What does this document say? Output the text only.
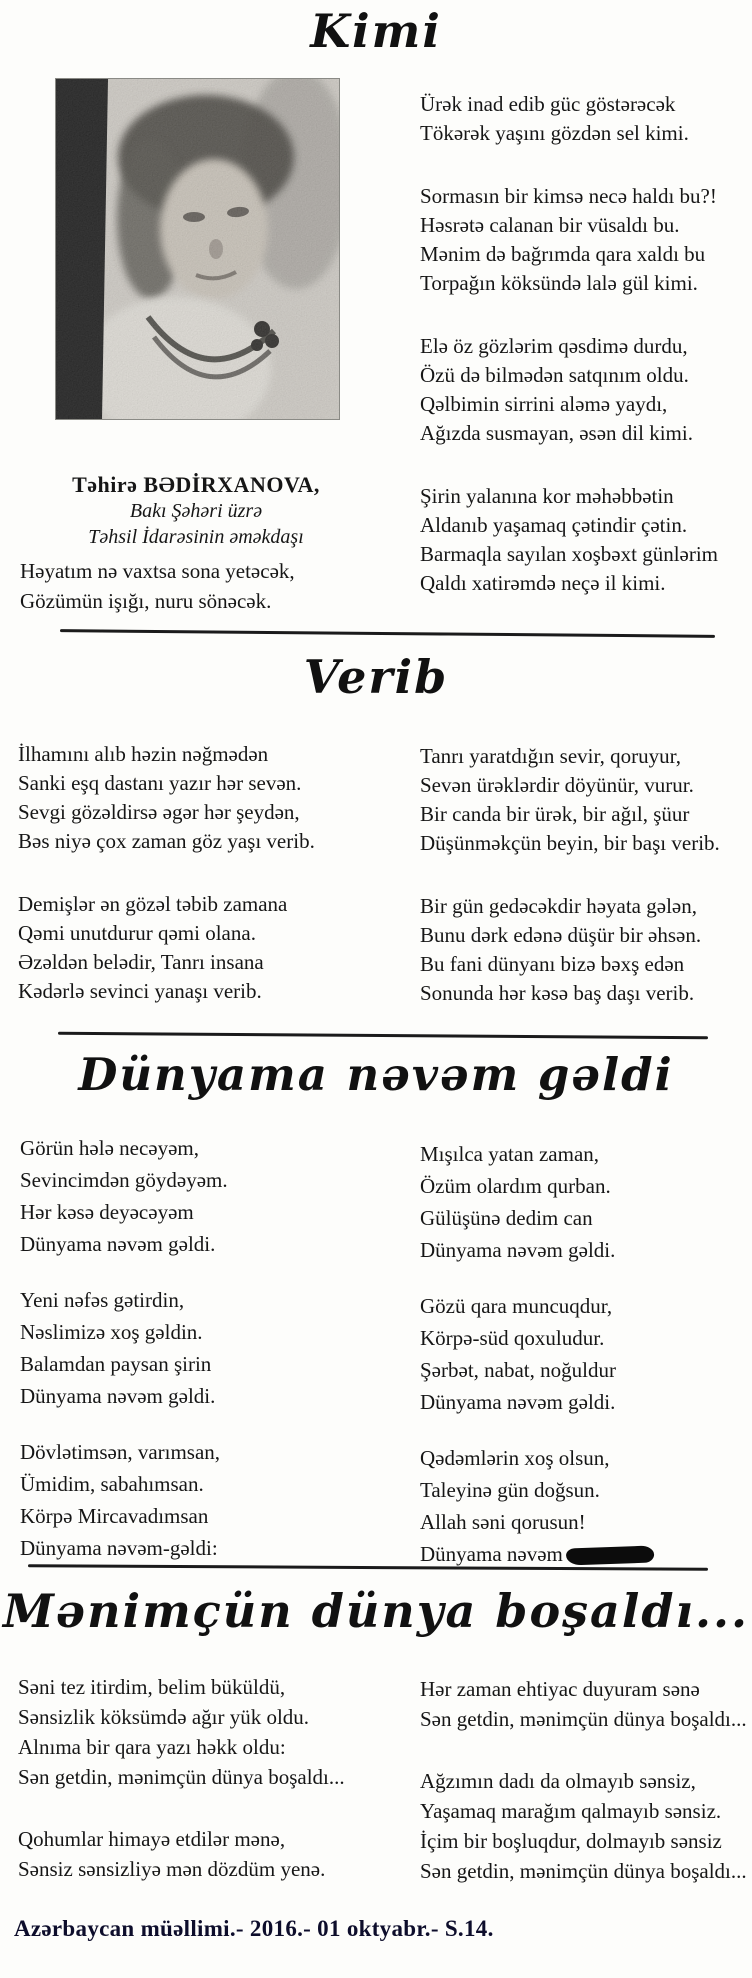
Kimi
Təhirə BƏDİRXANOVA,
Bakı Şəhəri üzrə
Təhsil İdarəsinin əməkdaşı
Həyatım nə vaxtsa sona yetəcək,
Gözümün işığı, nuru sönəcək.
Ürək inad edib güc göstərəcək
Tökərək yaşını gözdən sel kimi.
Sormasın bir kimsə necə haldı bu?!
Həsrətə calanan bir vüsaldı bu.
Mənim də bağrımda qara xaldı bu
Torpağın köksündə lalə gül kimi.
Elə öz gözlərim qəsdimə durdu,
Özü də bilmədən satqınım oldu.
Qəlbimin sirrini aləmə yaydı,
Ağızda susmayan, əsən dil kimi.
Şirin yalanına kor məhəbbətin
Aldanıb yaşamaq çətindir çətin.
Barmaqla sayılan xoşbəxt günlərim
Qaldı xatirəmdə neçə il kimi.
Verib
İlhamını alıb həzin nəğmədən
Sanki eşq dastanı yazır hər sevən.
Sevgi gözəldirsə əgər hər şeydən,
Bəs niyə çox zaman göz yaşı verib.
Demişlər ən gözəl təbib zamana
Qəmi unutdurur qəmi olana.
Əzəldən belədir, Tanrı insana
Kədərlə sevinci yanaşı verib.
Tanrı yaratdığın sevir, qoruyur,
Sevən ürəklərdir döyünür, vurur.
Bir canda bir ürək, bir ağıl, şüur
Düşünməkçün beyin, bir başı verib.
Bir gün gedəcəkdir həyata gələn,
Bunu dərk edənə düşür bir əhsən.
Bu fani dünyanı bizə bəxş edən
Sonunda hər kəsə baş daşı verib.
Dünyama nəvəm gəldi
Görün hələ necəyəm,
Sevincimdən göydəyəm.
Hər kəsə deyəcəyəm
Dünyama nəvəm gəldi.
Yeni nəfəs gətirdin,
Nəslimizə xoş gəldin.
Balamdan paysan şirin
Dünyama nəvəm gəldi.
Dövlətimsən, varımsan,
Ümidim, sabahımsan.
Körpə Mircavadımsan
Dünyama nəvəm-gəldi:
Mışılca yatan zaman,
Özüm olardım qurban.
Gülüşünə dedim can
Dünyama nəvəm gəldi.
Gözü qara muncuqdur,
Körpə-süd qoxuludur.
Şərbət, nabat, noğuldur
Dünyama nəvəm gəldi.
Qədəmlərin xoş olsun,
Taleyinə gün doğsun.
Allah səni qorusun!
Dünyama nəvəm
Mənimçün dünya boşaldı...
Səni tez itirdim, belim büküldü,
Sənsizlik köksümdə ağır yük oldu.
Alnıma bir qara yazı həkk oldu:
Sən getdin, mənimçün dünya boşaldı...
Qohumlar himayə etdilər mənə,
Sənsiz sənsizliyə mən dözdüm yenə.
Hər zaman ehtiyac duyuram sənə
Sən getdin, mənimçün dünya boşaldı...
Ağzımın dadı da olmayıb sənsiz,
Yaşamaq marağım qalmayıb sənsiz.
İçim bir boşluqdur, dolmayıb sənsiz
Sən getdin, mənimçün dünya boşaldı...
Azərbaycan müəllimi.- 2016.- 01 oktyabr.- S.14.
